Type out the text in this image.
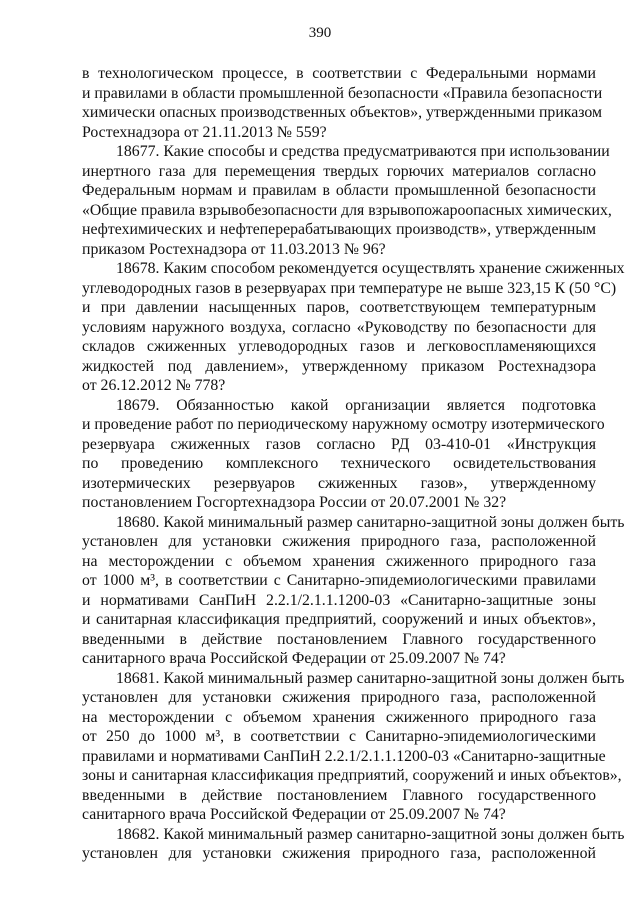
390
в технологическом процессе, в соответствии с Федеральными нормами
и правилами в области промышленной безопасности «Правила безопасности
химически опасных производственных объектов», утвержденными приказом
Ростехнадзора от 21.11.2013 № 559?
18677. Какие способы и средства предусматриваются при использовании
инертного газа для перемещения твердых горючих материалов согласно
Федеральным нормам и правилам в области промышленной безопасности
«Общие правила взрывобезопасности для взрывопожароопасных химических,
нефтехимических и нефтеперерабатывающих производств», утвержденным
приказом Ростехнадзора от 11.03.2013 № 96?
18678. Каким способом рекомендуется осуществлять хранение сжиженных
углеводородных газов в резервуарах при температуре не выше 323,15 К (50 °С)
и при давлении насыщенных паров, соответствующем температурным
условиям наружного воздуха, согласно «Руководству по безопасности для
складов сжиженных углеводородных газов и легковоспламеняющихся
жидкостей под давлением», утвержденному приказом Ростехнадзора
от 26.12.2012 № 778?
18679. Обязанностью какой организации является подготовка
и проведение работ по периодическому наружному осмотру изотермического
резервуара сжиженных газов согласно РД 03-410-01 «Инструкция
по проведению комплексного технического освидетельствования
изотермических резервуаров сжиженных газов», утвержденному
постановлением Госгортехнадзора России от 20.07.2001 № 32?
18680. Какой минимальный размер санитарно-защитной зоны должен быть
установлен для установки сжижения природного газа, расположенной
на месторождении с объемом хранения сжиженного природного газа
от 1000 м³, в соответствии с Санитарно-эпидемиологическими правилами
и нормативами СанПиН 2.2.1/2.1.1.1200-03 «Санитарно-защитные зоны
и санитарная классификация предприятий, сооружений и иных объектов»,
введенными в действие постановлением Главного государственного
санитарного врача Российской Федерации от 25.09.2007 № 74?
18681. Какой минимальный размер санитарно-защитной зоны должен быть
установлен для установки сжижения природного газа, расположенной
на месторождении с объемом хранения сжиженного природного газа
от 250 до 1000 м³, в соответствии с Санитарно-эпидемиологическими
правилами и нормативами СанПиН 2.2.1/2.1.1.1200-03 «Санитарно-защитные
зоны и санитарная классификация предприятий, сооружений и иных объектов»,
введенными в действие постановлением Главного государственного
санитарного врача Российской Федерации от 25.09.2007 № 74?
18682. Какой минимальный размер санитарно-защитной зоны должен быть
установлен для установки сжижения природного газа, расположенной
